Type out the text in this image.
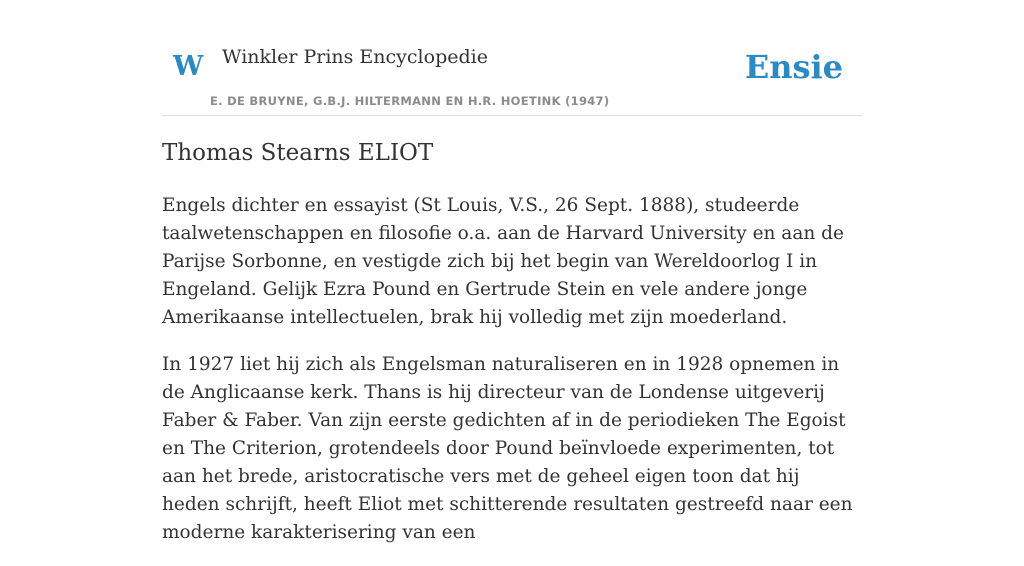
W Winkler Prins Encyclopedie
E. DE BRUYNE, G.B.J. HILTERMANN EN H.R. HOETINK (1947)
Ensie
Thomas Stearns ELIOT

Engels dichter en essayist (St Louis, V.S., 26 Sept. 1888), studeerde taalwetenschappen en filosofie o.a. aan de Harvard University en aan de Parijse Sorbonne, en vestigde zich bij het begin van Wereldoorlog I in Engeland. Gelijk Ezra Pound en Gertrude Stein en vele andere jonge Amerikaanse intellectuelen, brak hij volledig met zijn moederland.

In 1927 liet hij zich als Engelsman naturaliseren en in 1928 opnemen in de Anglicaanse kerk. Thans is hij directeur van de Londense uitgeverij Faber & Faber. Van zijn eerste gedichten af in de periodieken The Egoist en The Criterion, grotendeels door Pound beïnvloede experimenten, tot aan het brede, aristocratische vers met de geheel eigen toon dat hij heden schrijft, heeft Eliot met schitterende resultaten gestreefd naar een moderne karakterisering van een
